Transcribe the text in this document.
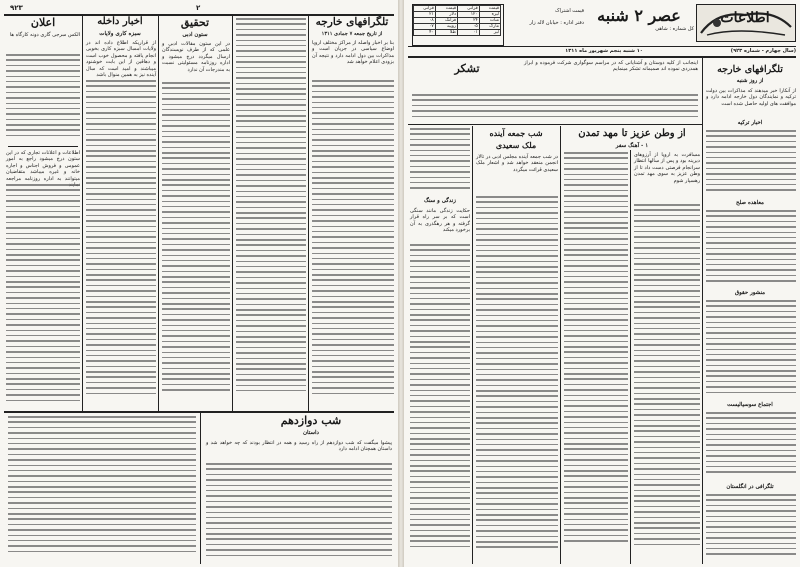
۹۲۳	۲
اعلان
الکس سرجی گاری دونه کارگاه ها
اطلاعات و اعلانات تجاری که در این ستون درج میشود راجع به امور عمومی و فروش اجناس و اجاره خانه و غیره میباشد متقاضیان میتوانند به اداره روزنامه مراجعه
اخبار داخله
سبزه کاری ولایات
از قراریکه اطلاع داده اند در ولایات امسال سبزه کاری بخوبی انجام یافته و محصول خوب است و دهاقین از این بابت خوشنود میباشند و امید است که سال آینده نیز به همین منوال باشد
تحقیق
ستون ادبی
در این ستون مقالات ادبی و علمی که از طرف نویسندگان ارسال میگردد درج میشود و اداره روزنامه مسئولیتی نسبت به مندرجات آن ندارد
تلگرافهای خارجه
از تاریخ جمعه ۷ جمادی ۱۳۱۱
بنا بر اخبار واصله از مراکز مختلف اروپا اوضاع سیاسی در جریان است و مذاکرات بین دول ادامه دارد و نتیجه آن بزودی اعلام خواهد شد
شب دوازدهم
داستان
پیشوا میگفت که شب دوازدهم از راه رسید و همه در انتظار بودند که چه خواهد شد و داستان همچنان ادامه دارد
اطلاعات
عصر ۲ شنبه
کل شماره : شاهی
قیمت	قرانی	قیمت	قرانی
لیره	۱۲۰	دلار	۲۱
منات	۲۴	فرانک	۰۸
مارک	۰۵	روپیه	۰۷
لیر	۰۱	طلا	۴۰
قیمت اشتراک
دفتر اداره : خیابان لاله زار
(سال چهارم - شماره ۹۲۳)
۱۰ شنبه پنجم شهریور ماه ۱۳۱۱
تلگرافهای خارجه
از روز شنبه
از آنکارا خبر میدهند که مذاکرات بین دولت ترکیه و نمایندگان دول خارجه ادامه دارد و موافقت های اولیه حاصل شده است
اخبار ترکیه
معاهده صلح
منشور حقوق
اجتماع سوسیالیست
تلگرافی در انگلستان
تشکر	اینجانب از کلیه دوستان و آشنایانی که در مراسم سوگواری شرکت فرموده و ابراز همدردی نموده اند صمیمانه تشکر مینمایم
از وطن عزیز تا مهد تمدن
۱ - آهنگ سفر
مسافرت به اروپا از آرزوهای دیرینه بود و پس از سالها انتظار سرانجام فرصتی دست داد تا از وطن عزیز به سوی مهد تمدن رهسپار شوم
شب جمعه آینده
ملک سعیدی
در شب جمعه آینده مجلس ادبی در تالار انجمن منعقد خواهد شد و اشعار ملک سعیدی قرائت میگردد
زندگی و سنگ
حکایت زندگی مانند سنگی است که بر سر راه قرار گرفته و هر رهگذری به آن برخورد میکند
